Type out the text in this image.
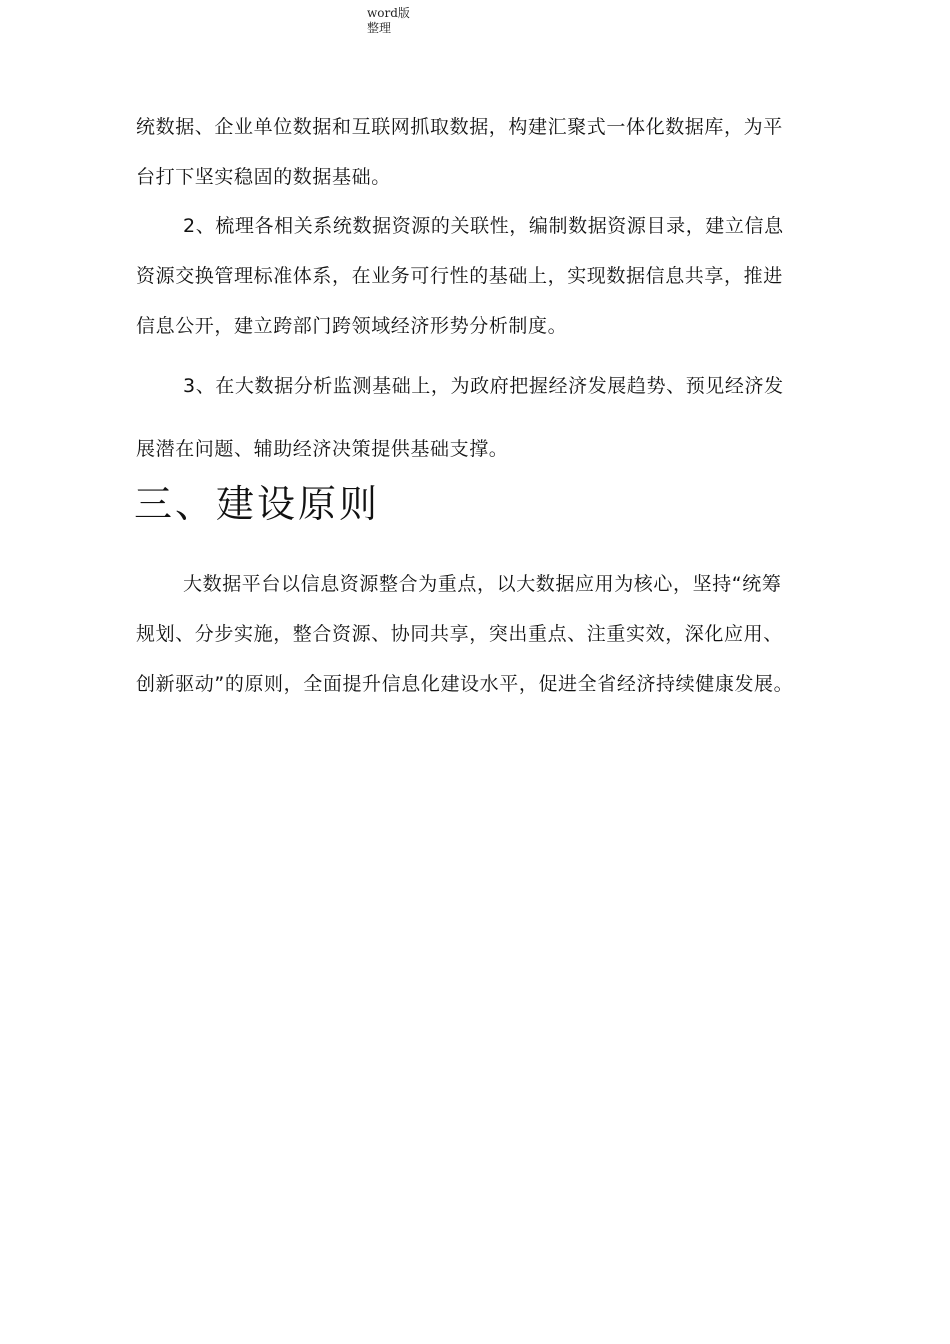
word版
整理
统数据、企业单位数据和互联网抓取数据，构建汇聚式一体化数据库，为平
台打下坚实稳固的数据基础。
2、梳理各相关系统数据资源的关联性，编制数据资源目录，建立信息
资源交换管理标准体系，在业务可行性的基础上，实现数据信息共享，推进
信息公开，建立跨部门跨领域经济形势分析制度。
3、在大数据分析监测基础上，为政府把握经济发展趋势、预见经济发
展潜在问题、辅助经济决策提供基础支撑。
三、建设原则
大数据平台以信息资源整合为重点，以大数据应用为核心，坚持“统筹
规划、分步实施，整合资源、协同共享，突出重点、注重实效，深化应用、
创新驱动”的原则，全面提升信息化建设水平，促进全省经济持续健康发展。
